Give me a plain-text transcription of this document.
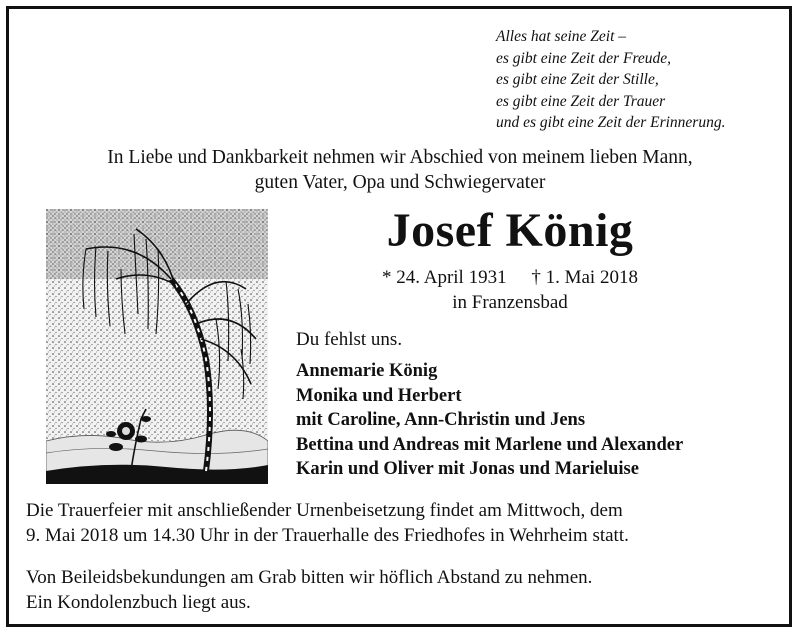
Alles hat seine Zeit –
es gibt eine Zeit der Freude,
es gibt eine Zeit der Stille,
es gibt eine Zeit der Trauer
und es gibt eine Zeit der Erinnerung.
In Liebe und Dankbarkeit nehmen wir Abschied von meinem lieben Mann,
guten Vater, Opa und Schwiegervater
Josef König
* 24. April 1931 † 1. Mai 2018
in Franzensbad
Du fehlst uns.
Annemarie König
Monika und Herbert
mit Caroline, Ann-Christin und Jens
Bettina und Andreas mit Marlene und Alexander
Karin und Oliver mit Jonas und Marieluise
Die Trauerfeier mit anschließender Urnenbeisetzung findet am Mittwoch, dem
9. Mai 2018 um 14.30 Uhr in der Trauerhalle des Friedhofes in Wehrheim statt.
Von Beileidsbekundungen am Grab bitten wir höflich Abstand zu nehmen.
Ein Kondolenzbuch liegt aus.
